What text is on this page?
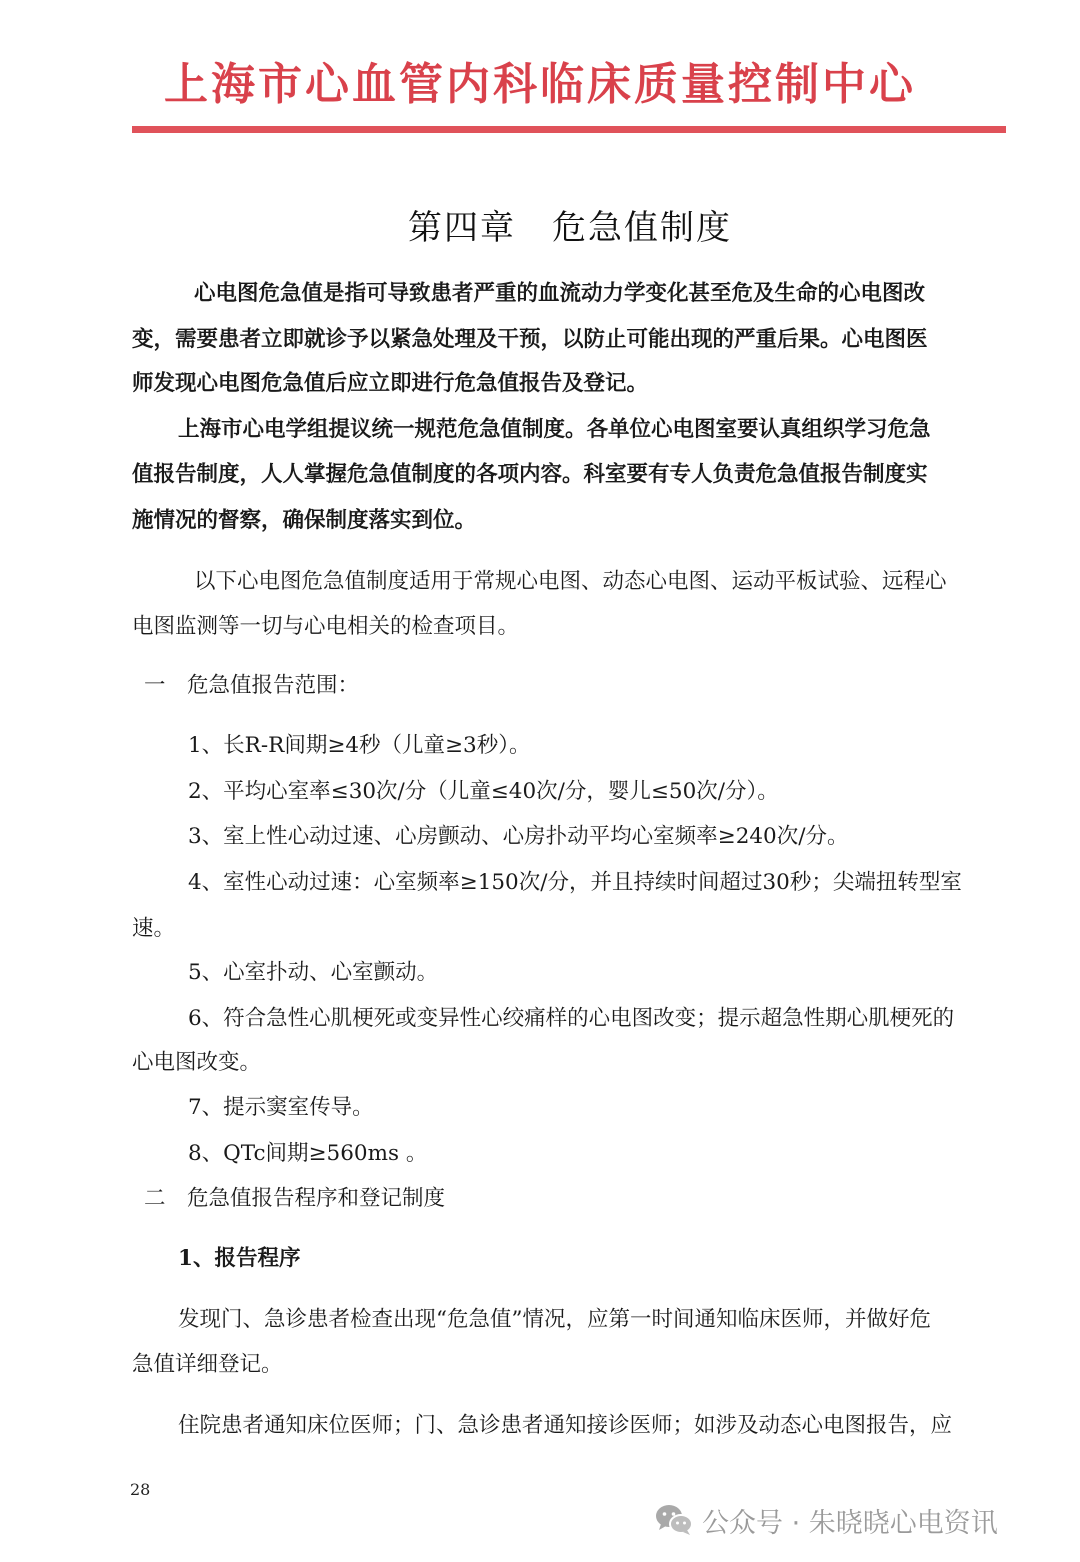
上海市心血管内科临床质量控制中心
第四章 危急值制度
心电图危急值是指可导致患者严重的血流动力学变化甚至危及生命的心电图改
变，需要患者立即就诊予以紧急处理及干预，以防止可能出现的严重后果。心电图医
师发现心电图危急值后应立即进行危急值报告及登记。
上海市心电学组提议统一规范危急值制度。各单位心电图室要认真组织学习危急
值报告制度，人人掌握危急值制度的各项内容。科室要有专人负责危急值报告制度实
施情况的督察，确保制度落实到位。
以下心电图危急值制度适用于常规心电图、动态心电图、运动平板试验、远程心
电图监测等一切与心电相关的检查项目。
一　危急值报告范围：
1、长R-R间期≥4秒（儿童≥3秒）。
2、平均心室率≤30次/分（儿童≤40次/分，婴儿≤50次/分）。
3、室上性心动过速、心房颤动、心房扑动平均心室频率≥240次/分。
4、室性心动过速：心室频率≥150次/分，并且持续时间超过30秒；尖端扭转型室
速。
5、心室扑动、心室颤动。
6、符合急性心肌梗死或变异性心绞痛样的心电图改变；提示超急性期心肌梗死的
心电图改变。
7、提示窦室传导。
8、QTc间期≥560ms 。
二　危急值报告程序和登记制度
1、报告程序
发现门、急诊患者检查出现“危急值”情况，应第一时间通知临床医师，并做好危
急值详细登记。
住院患者通知床位医师；门、急诊患者通知接诊医师；如涉及动态心电图报告，应
28
公众号 · 朱晓晓心电资讯
